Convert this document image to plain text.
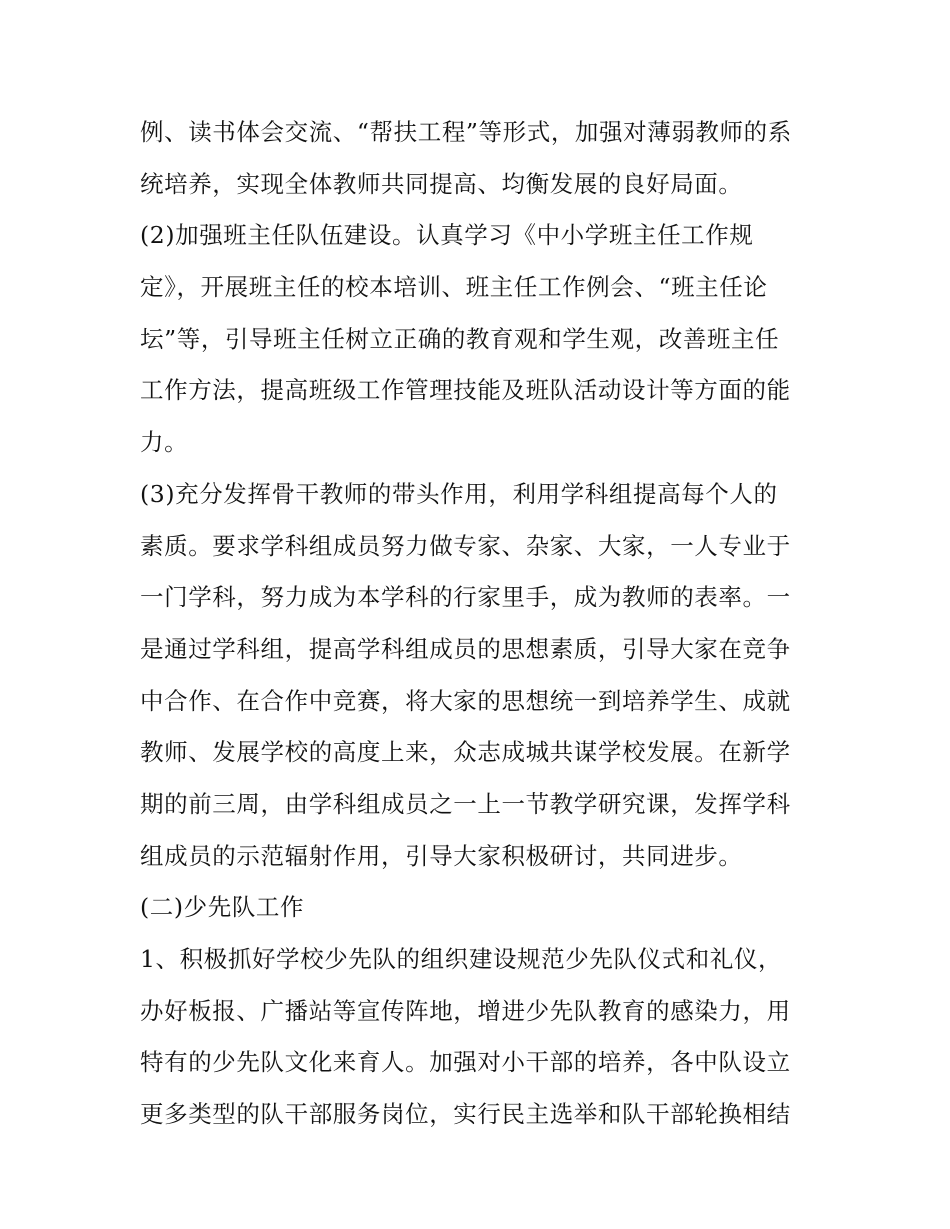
例、读书体会交流、“帮扶工程”等形式，加强对薄弱教师的系
统培养，实现全体教师共同提高、均衡发展的良好局面。
(2)加强班主任队伍建设。认真学习《中小学班主任工作规
定》，开展班主任的校本培训、班主任工作例会、“班主任论
坛”等，引导班主任树立正确的教育观和学生观，改善班主任
工作方法，提高班级工作管理技能及班队活动设计等方面的能
力。
(3)充分发挥骨干教师的带头作用，利用学科组提高每个人的
素质。要求学科组成员努力做专家、杂家、大家，一人专业于
一门学科，努力成为本学科的行家里手，成为教师的表率。一
是通过学科组，提高学科组成员的思想素质，引导大家在竞争
中合作、在合作中竞赛，将大家的思想统一到培养学生、成就
教师、发展学校的高度上来，众志成城共谋学校发展。在新学
期的前三周，由学科组成员之一上一节教学研究课，发挥学科
组成员的示范辐射作用，引导大家积极研讨，共同进步。
(二)少先队工作
1、积极抓好学校少先队的组织建设规范少先队仪式和礼仪，
办好板报、广播站等宣传阵地，增进少先队教育的感染力，用
特有的少先队文化来育人。加强对小干部的培养，各中队设立
更多类型的队干部服务岗位，实行民主选举和队干部轮换相结
